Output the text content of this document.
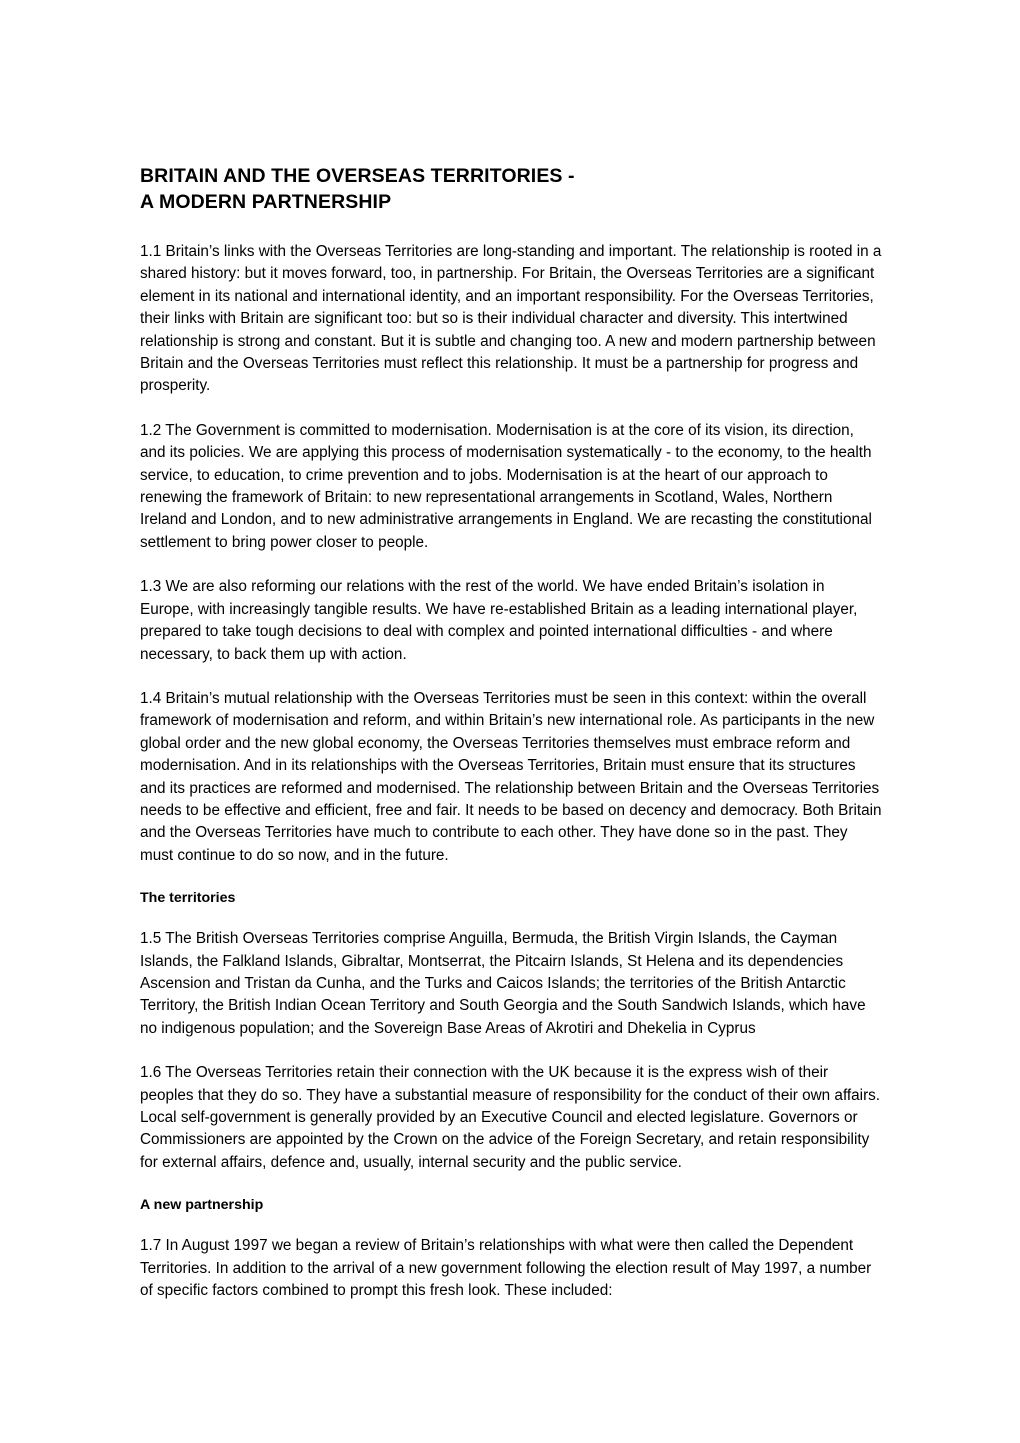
BRITAIN AND THE OVERSEAS TERRITORIES -
A MODERN PARTNERSHIP

1.1 Britain’s links with the Overseas Territories are long-standing and important. The relationship is rooted in a shared history: but it moves forward, too, in partnership. For Britain, the Overseas Territories are a significant element in its national and international identity, and an important responsibility. For the Overseas Territories, their links with Britain are significant too: but so is their individual character and diversity. This intertwined relationship is strong and constant. But it is subtle and changing too. A new and modern partnership between Britain and the Overseas Territories must reflect this relationship. It must be a partnership for progress and prosperity.

1.2 The Government is committed to modernisation. Modernisation is at the core of its vision, its direction, and its policies. We are applying this process of modernisation systematically - to the economy, to the health service, to education, to crime prevention and to jobs. Modernisation is at the heart of our approach to renewing the framework of Britain: to new representational arrangements in Scotland, Wales, Northern Ireland and London, and to new administrative arrangements in England. We are recasting the constitutional settlement to bring power closer to people.

1.3 We are also reforming our relations with the rest of the world. We have ended Britain’s isolation in Europe, with increasingly tangible results. We have re-established Britain as a leading international player, prepared to take tough decisions to deal with complex and pointed international difficulties - and where necessary, to back them up with action.

1.4 Britain’s mutual relationship with the Overseas Territories must be seen in this context: within the overall framework of modernisation and reform, and within Britain’s new international role. As participants in the new global order and the new global economy, the Overseas Territories themselves must embrace reform and modernisation. And in its relationships with the Overseas Territories, Britain must ensure that its structures and its practices are reformed and modernised. The relationship between Britain and the Overseas Territories needs to be effective and efficient, free and fair. It needs to be based on decency and democracy. Both Britain and the Overseas Territories have much to contribute to each other. They have done so in the past. They must continue to do so now, and in the future.

The territories

1.5 The British Overseas Territories comprise Anguilla, Bermuda, the British Virgin Islands, the Cayman Islands, the Falkland Islands, Gibraltar, Montserrat, the Pitcairn Islands, St Helena and its dependencies Ascension and Tristan da Cunha, and the Turks and Caicos Islands; the territories of the British Antarctic Territory, the British Indian Ocean Territory and South Georgia and the South Sandwich Islands, which have no indigenous population; and the Sovereign Base Areas of Akrotiri and Dhekelia in Cyprus

1.6 The Overseas Territories retain their connection with the UK because it is the express wish of their peoples that they do so. They have a substantial measure of responsibility for the conduct of their own affairs. Local self-government is generally provided by an Executive Council and elected legislature. Governors or Commissioners are appointed by the Crown on the advice of the Foreign Secretary, and retain responsibility for external affairs, defence and, usually, internal security and the public service.

A new partnership

1.7 In August 1997 we began a review of Britain’s relationships with what were then called the Dependent Territories. In addition to the arrival of a new government following the election result of May 1997, a number of specific factors combined to prompt this fresh look. These included:
